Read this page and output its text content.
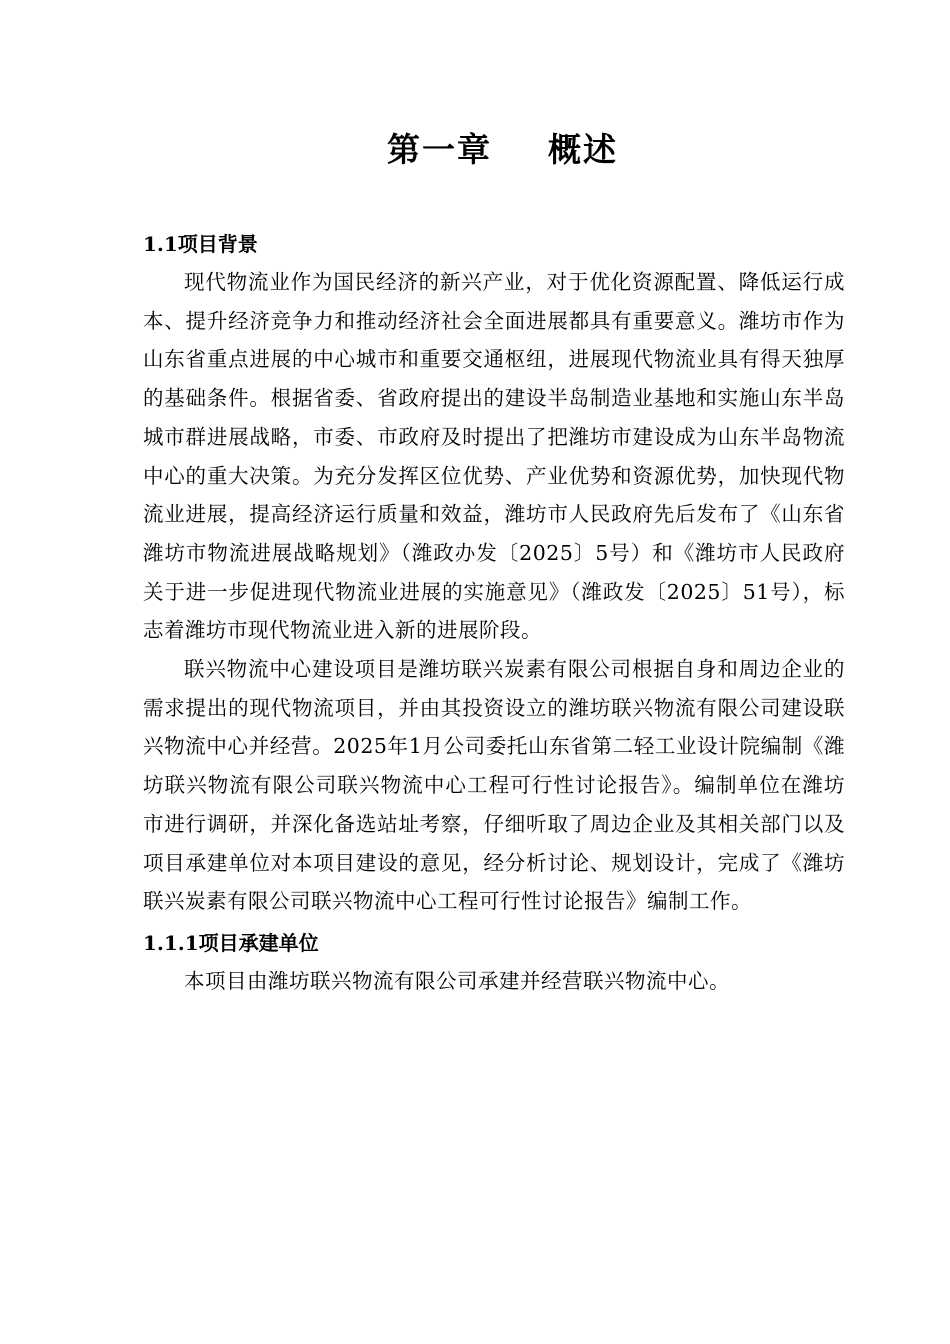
第一章 概述

1.1项目背景

现代物流业作为国民经济的新兴产业，对于优化资源配置、降低运行成本、提升经济竞争力和推动经济社会全面进展都具有重要意义。潍坊市作为山东省重点进展的中心城市和重要交通枢纽，进展现代物流业具有得天独厚的基础条件。根据省委、省政府提出的建设半岛制造业基地和实施山东半岛城市群进展战略，市委、市政府及时提出了把潍坊市建设成为山东半岛物流中心的重大决策。为充分发挥区位优势、产业优势和资源优势，加快现代物流业进展，提高经济运行质量和效益，潍坊市人民政府先后发布了《山东省潍坊市物流进展战略规划》（潍政办发〔2025〕5号）和《潍坊市人民政府关于进一步促进现代物流业进展的实施意见》（潍政发〔2025〕51号），标志着潍坊市现代物流业进入新的进展阶段。

联兴物流中心建设项目是潍坊联兴炭素有限公司根据自身和周边企业的需求提出的现代物流项目，并由其投资设立的潍坊联兴物流有限公司建设联兴物流中心并经营。2025年1月公司委托山东省第二轻工业设计院编制《潍坊联兴物流有限公司联兴物流中心工程可行性讨论报告》。编制单位在潍坊市进行调研，并深化备选站址考察，仔细听取了周边企业及其相关部门以及项目承建单位对本项目建设的意见，经分析讨论、规划设计，完成了《潍坊联兴炭素有限公司联兴物流中心工程可行性讨论报告》编制工作。

1.1.1项目承建单位

本项目由潍坊联兴物流有限公司承建并经营联兴物流中心。
